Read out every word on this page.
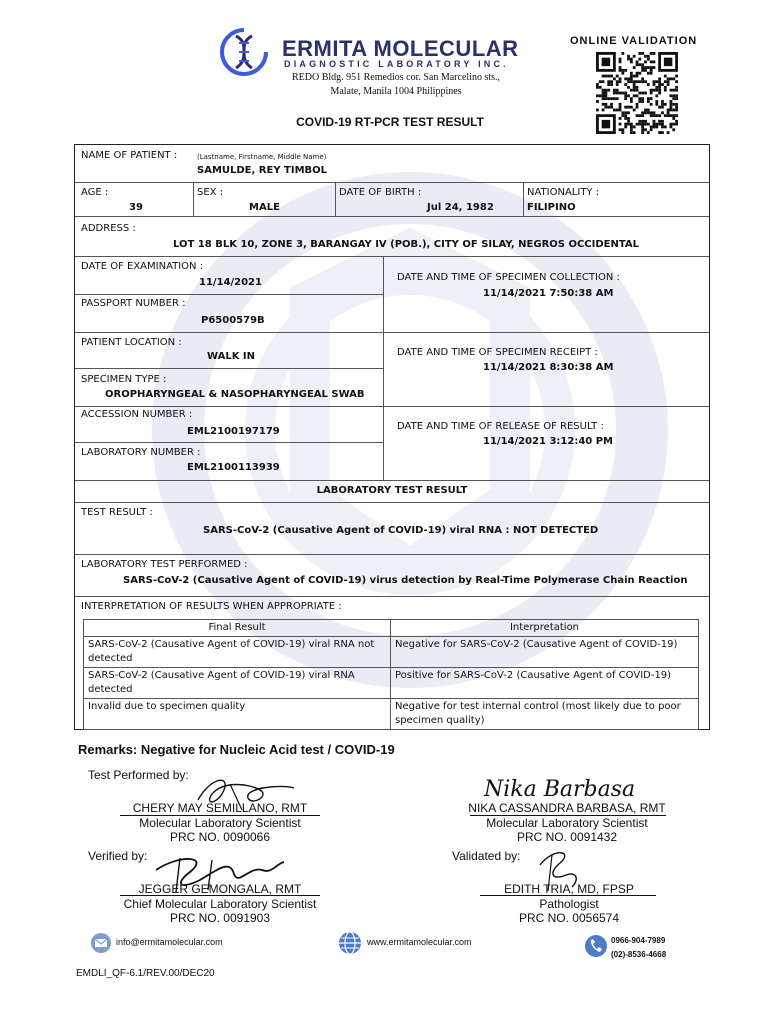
ERMITA MOLECULAR
DIAGNOSTIC LABORATORY INC.
REDO Bldg. 951 Remedios cor. San Marcelino sts.,
Malate, Manila 1004 Philippines
ONLINE VALIDATION
COVID-19 RT-PCR TEST RESULT
NAME OF PATIENT :	(Lastname, Firstname, Middle Name)
SAMULDE, REY TIMBOL
AGE :
39
SEX :
MALE
DATE OF BIRTH :
Jul 24, 1982
NATIONALITY :
FILIPINO
ADDRESS :
LOT 18 BLK 10, ZONE 3, BARANGAY IV (POB.), CITY OF SILAY, NEGROS OCCIDENTAL
DATE OF EXAMINATION :
11/14/2021	DATE AND TIME OF SPECIMEN COLLECTION :
11/14/2021 7:50:38 AM
PASSPORT NUMBER :
P6500579B
PATIENT LOCATION :
WALK IN	DATE AND TIME OF SPECIMEN RECEIPT :
11/14/2021 8:30:38 AM
SPECIMEN TYPE :
OROPHARYNGEAL & NASOPHARYNGEAL SWAB
ACCESSION NUMBER :
EML2100197179	DATE AND TIME OF RELEASE OF RESULT :
11/14/2021 3:12:40 PM
LABORATORY NUMBER :
EML2100113939
LABORATORY TEST RESULT
TEST RESULT :
SARS-CoV-2 (Causative Agent of COVID-19) viral RNA : NOT DETECTED
LABORATORY TEST PERFORMED :
SARS-CoV-2 (Causative Agent of COVID-19) virus detection by Real-Time Polymerase Chain Reaction
INTERPRETATION OF RESULTS WHEN APPROPRIATE :
Final Result	Interpretation
SARS-CoV-2 (Causative Agent of COVID-19) viral RNA not detected	Negative for SARS-CoV-2 (Causative Agent of COVID-19)
SARS-CoV-2 (Causative Agent of COVID-19) viral RNA detected	Positive for SARS-CoV-2 (Causative Agent of COVID-19)
Invalid due to specimen quality	Negative for test internal control (most likely due to poor specimen quality)
Remarks: Negative for Nucleic Acid test / COVID-19
Test Performed by:
CHERY MAY SEMILLANO, RMT
Molecular Laboratory Scientist
PRC NO. 0090066
Nika Barbasa
NIKA CASSANDRA BARBASA, RMT
Molecular Laboratory Scientist
PRC NO. 0091432
Verified by:
JEGGER GEMONGALA, RMT
Chief Molecular Laboratory Scientist
PRC NO. 0091903
Validated by:
EDITH TRIA, MD, FPSP
Pathologist
PRC NO. 0056574
info@ermitamolecular.com	www.ermitamolecular.com	0966-904-7989
(02)-8536-4668
EMDLI_QF-6.1/REV.00/DEC20
